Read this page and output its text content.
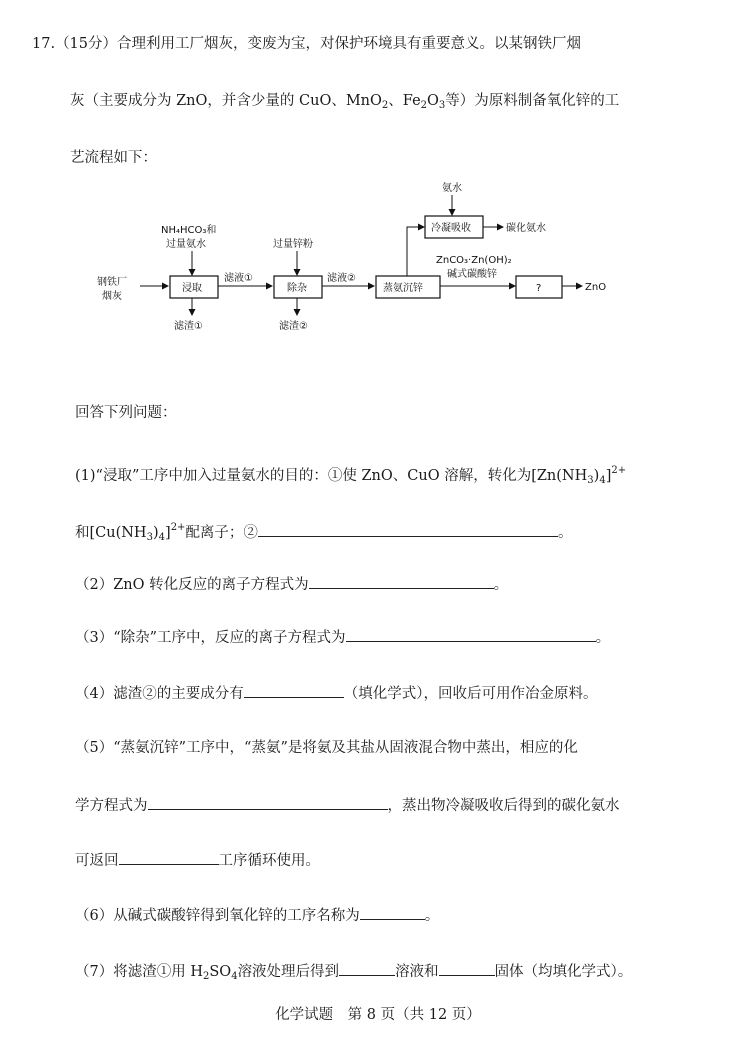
17.（15分）合理利用工厂烟灰，变废为宝，对保护环境具有重要意义。以某钢铁厂烟
灰（主要成分为 ZnO，并含少量的 CuO、MnO$_2$、$Fe_2O_3$等）为原料制备氧化锌的工
艺流程如下：
钢铁厂
烟灰
NH₄HCO₃和
过量氨水
浸取
滤渣①
滤液①
过量锌粉
除杂
滤渣②
滤液②
蒸氨沉锌
氨水
冷凝吸收	碳化氨水
ZnCO₃·Zn(OH)₂
碱式碳酸锌
?	ZnO
回答下列问题：
(1)“浸取”工序中加入过量氨水的目的：①使 ZnO、CuO 溶解，转化为$[Zn(NH_3)_4]^{2+}$
和$[Cu(NH_3)_4]^{2+}$配离子；②	。
（2）ZnO 转化反应的离子方程式为	。
（3）“除杂”工序中，反应的离子方程式为	。
（4）滤渣②的主要成分有	（填化学式），回收后可用作冶金原料。
（5）“蒸氨沉锌”工序中，“蒸氨”是将氨及其盐从固液混合物中蒸出，相应的化
学方程式为	，蒸出物冷凝吸收后得到的碳化氨水
可返回	工序循环使用。
（6）从碱式碳酸锌得到氧化锌的工序名称为	。
（7）将滤渣①用 $H_2SO_4$溶液处理后得到	溶液和	固体（均填化学式）。
化学试题　第 8 页（共 12 页）
